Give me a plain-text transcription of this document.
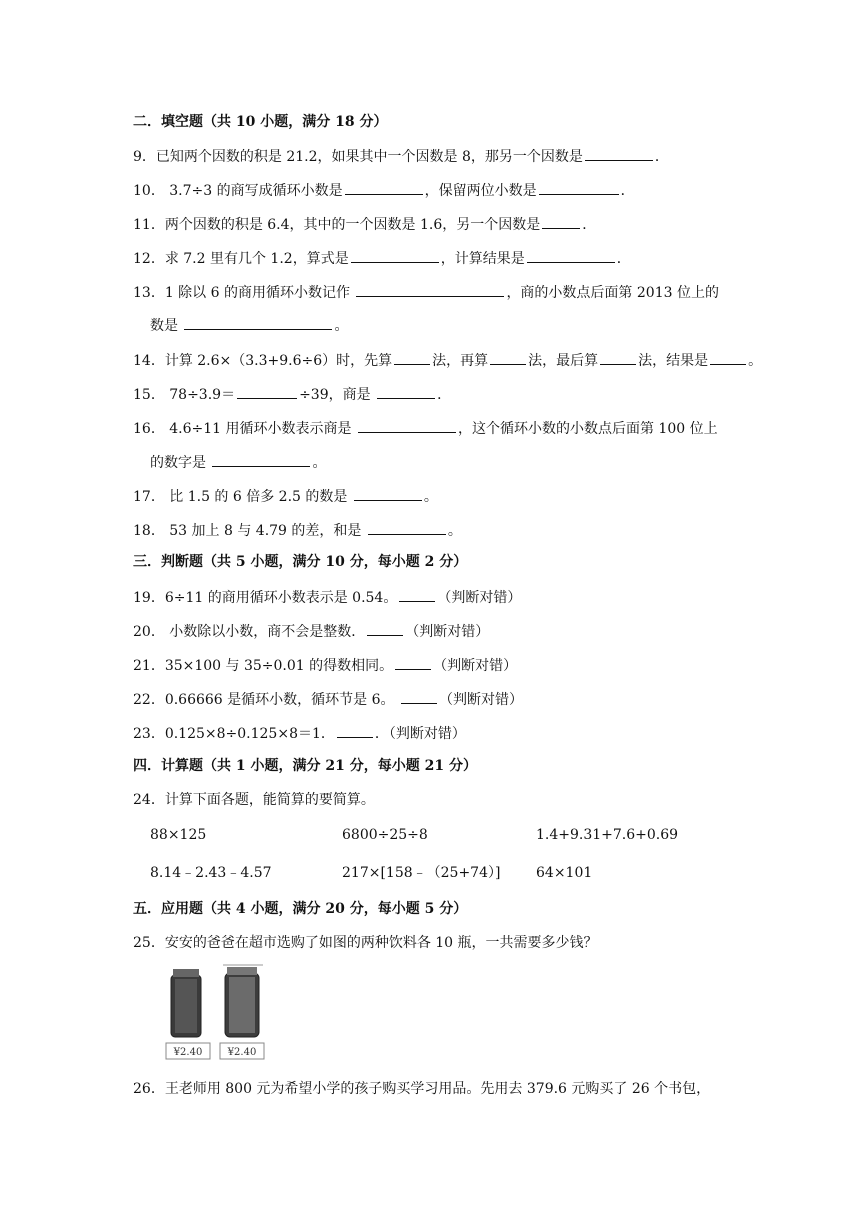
二．填空题（共 10 小题，满分 18 分）
9．已知两个因数的积是 21.2，如果其中一个因数是 8，那另一个因数是	．
10． 3.7÷3 的商写成循环小数是	，保留两位小数是	．
11．两个因数的积是 6.4，其中的一个因数是 1.6，另一个因数是	．
12．求 7.2 里有几个 1.2，算式是	，计算结果是	．
13．1 除以 6 的商用循环小数记作	，商的小数点后面第 2013 位上的
数是	。
14．计算 2.6×（3.3+9.6÷6）时，先算	法，再算	法，最后算	法，结果是	。
15． 78÷3.9＝	÷39，商是	．
16． 4.6÷11 用循环小数表示商是	，这个循环小数的小数点后面第 100 位上
的数字是	。
17． 比 1.5 的 6 倍多 2.5 的数是	。
18． 53 加上 8 与 4.79 的差，和是	。
三．判断题（共 5 小题，满分 10 分，每小题 2 分）
19．6÷11 的商用循环小数表示是 0.54。	（判断对错）
20． 小数除以小数，商不会是整数．	（判断对错）
21．35×100 与 35÷0.01 的得数相同。	（判断对错）
22．0.66666 是循环小数，循环节是 6。	（判断对错）
23．0.125×8÷0.125×8＝1．	．（判断对错）
四．计算题（共 1 小题，满分 21 分，每小题 21 分）
24．计算下面各题，能简算的要简算。
88×125	6800÷25÷8	1.4+9.31+7.6+0.69
8.14﹣2.43﹣4.57	217×[158﹣（25+74）]	64×101
五．应用题（共 4 小题，满分 20 分，每小题 5 分）
25．安安的爸爸在超市选购了如图的两种饮料各 10 瓶，一共需要多少钱？
¥2.40	¥2.40
26．王老师用 800 元为希望小学的孩子购买学习用品。先用去 379.6 元购买了 26 个书包，
